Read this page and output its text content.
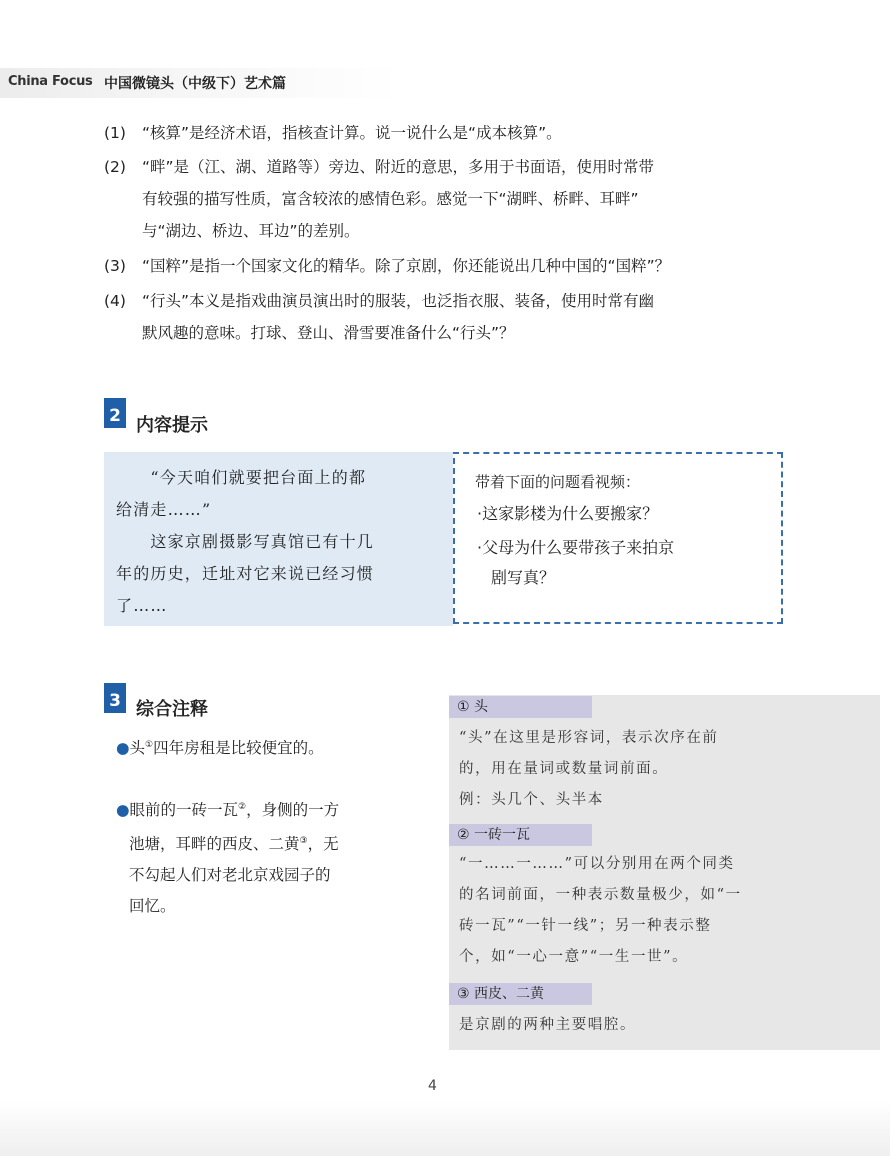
China Focus 中国微镜头（中级下）艺术篇
(1) “核算”是经济术语，指核查计算。说一说什么是“成本核算”。
(2) “畔”是（江、湖、道路等）旁边、附近的意思，多用于书面语，使用时常带
有较强的描写性质，富含较浓的感情色彩。感觉一下“湖畔、桥畔、耳畔”
与“湖边、桥边、耳边”的差别。
(3) “国粹”是指一个国家文化的精华。除了京剧，你还能说出几种中国的“国粹”？
(4) “行头”本义是指戏曲演员演出时的服装，也泛指衣服、装备，使用时常有幽
默风趣的意味。打球、登山、滑雪要准备什么“行头”？
2 内容提示
　　“今天咱们就要把台面上的都
给清走……”
　　这家京剧摄影写真馆已有十几
年的历史，迁址对它来说已经习惯
了……
带着下面的问题看视频：
·这家影楼为什么要搬家？
·父母为什么要带孩子来拍京
剧写真？
3 综合注释
●头①四年房租是比较便宜的。
●眼前的一砖一瓦②，身侧的一方
池塘，耳畔的西皮、二黄③，无
不勾起人们对老北京戏园子的
回忆。
① 头
“头”在这里是形容词，表示次序在前
的，用在量词或数量词前面。
例：头几个、头半本
② 一砖一瓦
“一……一……”可以分别用在两个同类
的名词前面，一种表示数量极少，如“一
砖一瓦”“一针一线”；另一种表示整
个，如“一心一意”“一生一世”。
③ 西皮、二黄
是京剧的两种主要唱腔。
4
